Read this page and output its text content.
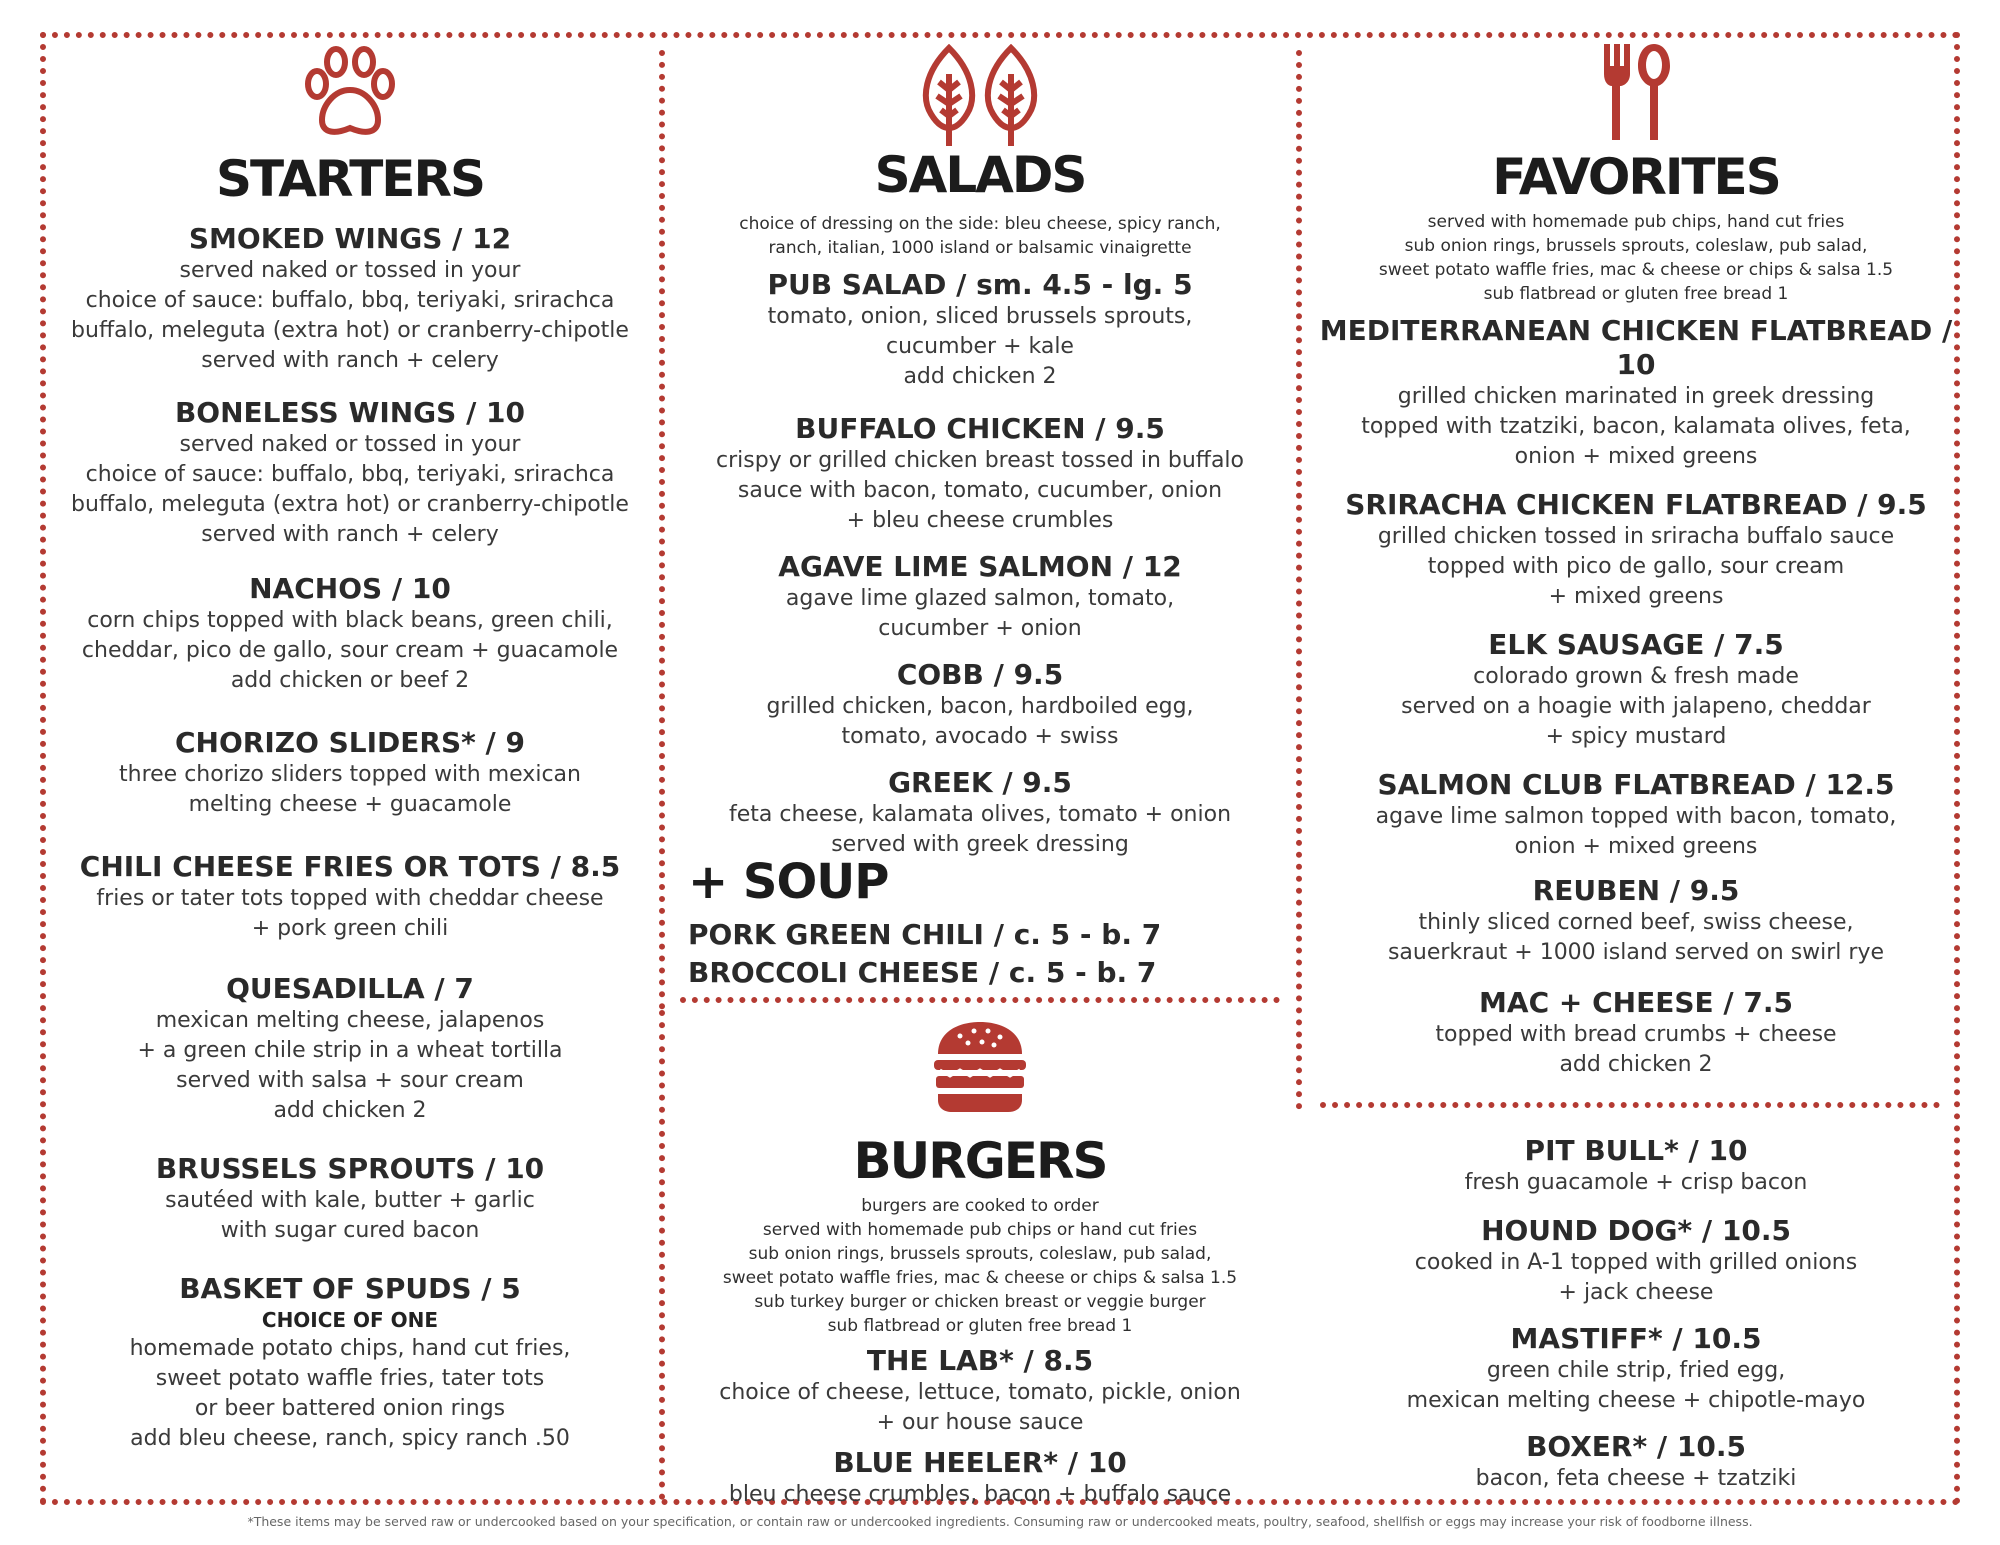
STARTERS
SMOKED WINGS / 12
served naked or tossed in your
choice of sauce: buffalo, bbq, teriyaki, srirachca
buffalo, meleguta (extra hot) or cranberry-chipotle
served with ranch + celery
BONELESS WINGS / 10
served naked or tossed in your
choice of sauce: buffalo, bbq, teriyaki, srirachca
buffalo, meleguta (extra hot) or cranberry-chipotle
served with ranch + celery
NACHOS / 10
corn chips topped with black beans, green chili,
cheddar, pico de gallo, sour cream + guacamole
add chicken or beef 2
CHORIZO SLIDERS* / 9
three chorizo sliders topped with mexican
melting cheese + guacamole
CHILI CHEESE FRIES OR TOTS / 8.5
fries or tater tots topped with cheddar cheese
+ pork green chili
QUESADILLA / 7
mexican melting cheese, jalapenos
+ a green chile strip in a wheat tortilla
served with salsa + sour cream
add chicken 2
BRUSSELS SPROUTS / 10
sautéed with kale, butter + garlic
with sugar cured bacon
BASKET OF SPUDS / 5
CHOICE OF ONE
homemade potato chips, hand cut fries,
sweet potato waffle fries, tater tots
or beer battered onion rings
add bleu cheese, ranch, spicy ranch .50
SALADS
choice of dressing on the side: bleu cheese, spicy ranch,
ranch, italian, 1000 island or balsamic vinaigrette
PUB SALAD / sm. 4.5 - lg. 5
tomato, onion, sliced brussels sprouts,
cucumber + kale
add chicken 2
BUFFALO CHICKEN / 9.5
crispy or grilled chicken breast tossed in buffalo
sauce with bacon, tomato, cucumber, onion
+ bleu cheese crumbles
AGAVE LIME SALMON / 12
agave lime glazed salmon, tomato,
cucumber + onion
COBB / 9.5
grilled chicken, bacon, hardboiled egg,
tomato, avocado + swiss
GREEK / 9.5
feta cheese, kalamata olives, tomato + onion
served with greek dressing
+ SOUP
PORK GREEN CHILI / c. 5 - b. 7
BROCCOLI CHEESE / c. 5 - b. 7
BURGERS
burgers are cooked to order
served with homemade pub chips or hand cut fries
sub onion rings, brussels sprouts, coleslaw, pub salad,
sweet potato waffle fries, mac & cheese or chips & salsa 1.5
sub turkey burger or chicken breast or veggie burger
sub flatbread or gluten free bread 1
THE LAB* / 8.5
choice of cheese, lettuce, tomato, pickle, onion
+ our house sauce
BLUE HEELER* / 10
bleu cheese crumbles, bacon + buffalo sauce
FAVORITES
served with homemade pub chips, hand cut fries
sub onion rings, brussels sprouts, coleslaw, pub salad,
sweet potato waffle fries, mac & cheese or chips & salsa 1.5
sub flatbread or gluten free bread 1
MEDITERRANEAN CHICKEN FLATBREAD / 10
grilled chicken marinated in greek dressing
topped with tzatziki, bacon, kalamata olives, feta,
onion + mixed greens
SRIRACHA CHICKEN FLATBREAD / 9.5
grilled chicken tossed in sriracha buffalo sauce
topped with pico de gallo, sour cream
+ mixed greens
ELK SAUSAGE / 7.5
colorado grown & fresh made
served on a hoagie with jalapeno, cheddar
+ spicy mustard
SALMON CLUB FLATBREAD / 12.5
agave lime salmon topped with bacon, tomato,
onion + mixed greens
REUBEN / 9.5
thinly sliced corned beef, swiss cheese,
sauerkraut + 1000 island served on swirl rye
MAC + CHEESE / 7.5
topped with bread crumbs + cheese
add chicken 2
PIT BULL* / 10
fresh guacamole + crisp bacon
HOUND DOG* / 10.5
cooked in A-1 topped with grilled onions
+ jack cheese
MASTIFF* / 10.5
green chile strip, fried egg,
mexican melting cheese + chipotle-mayo
BOXER* / 10.5
bacon, feta cheese + tzatziki
*These items may be served raw or undercooked based on your specification, or contain raw or undercooked ingredients. Consuming raw or undercooked meats, poultry, seafood, shellfish or eggs may increase your risk of foodborne illness.
